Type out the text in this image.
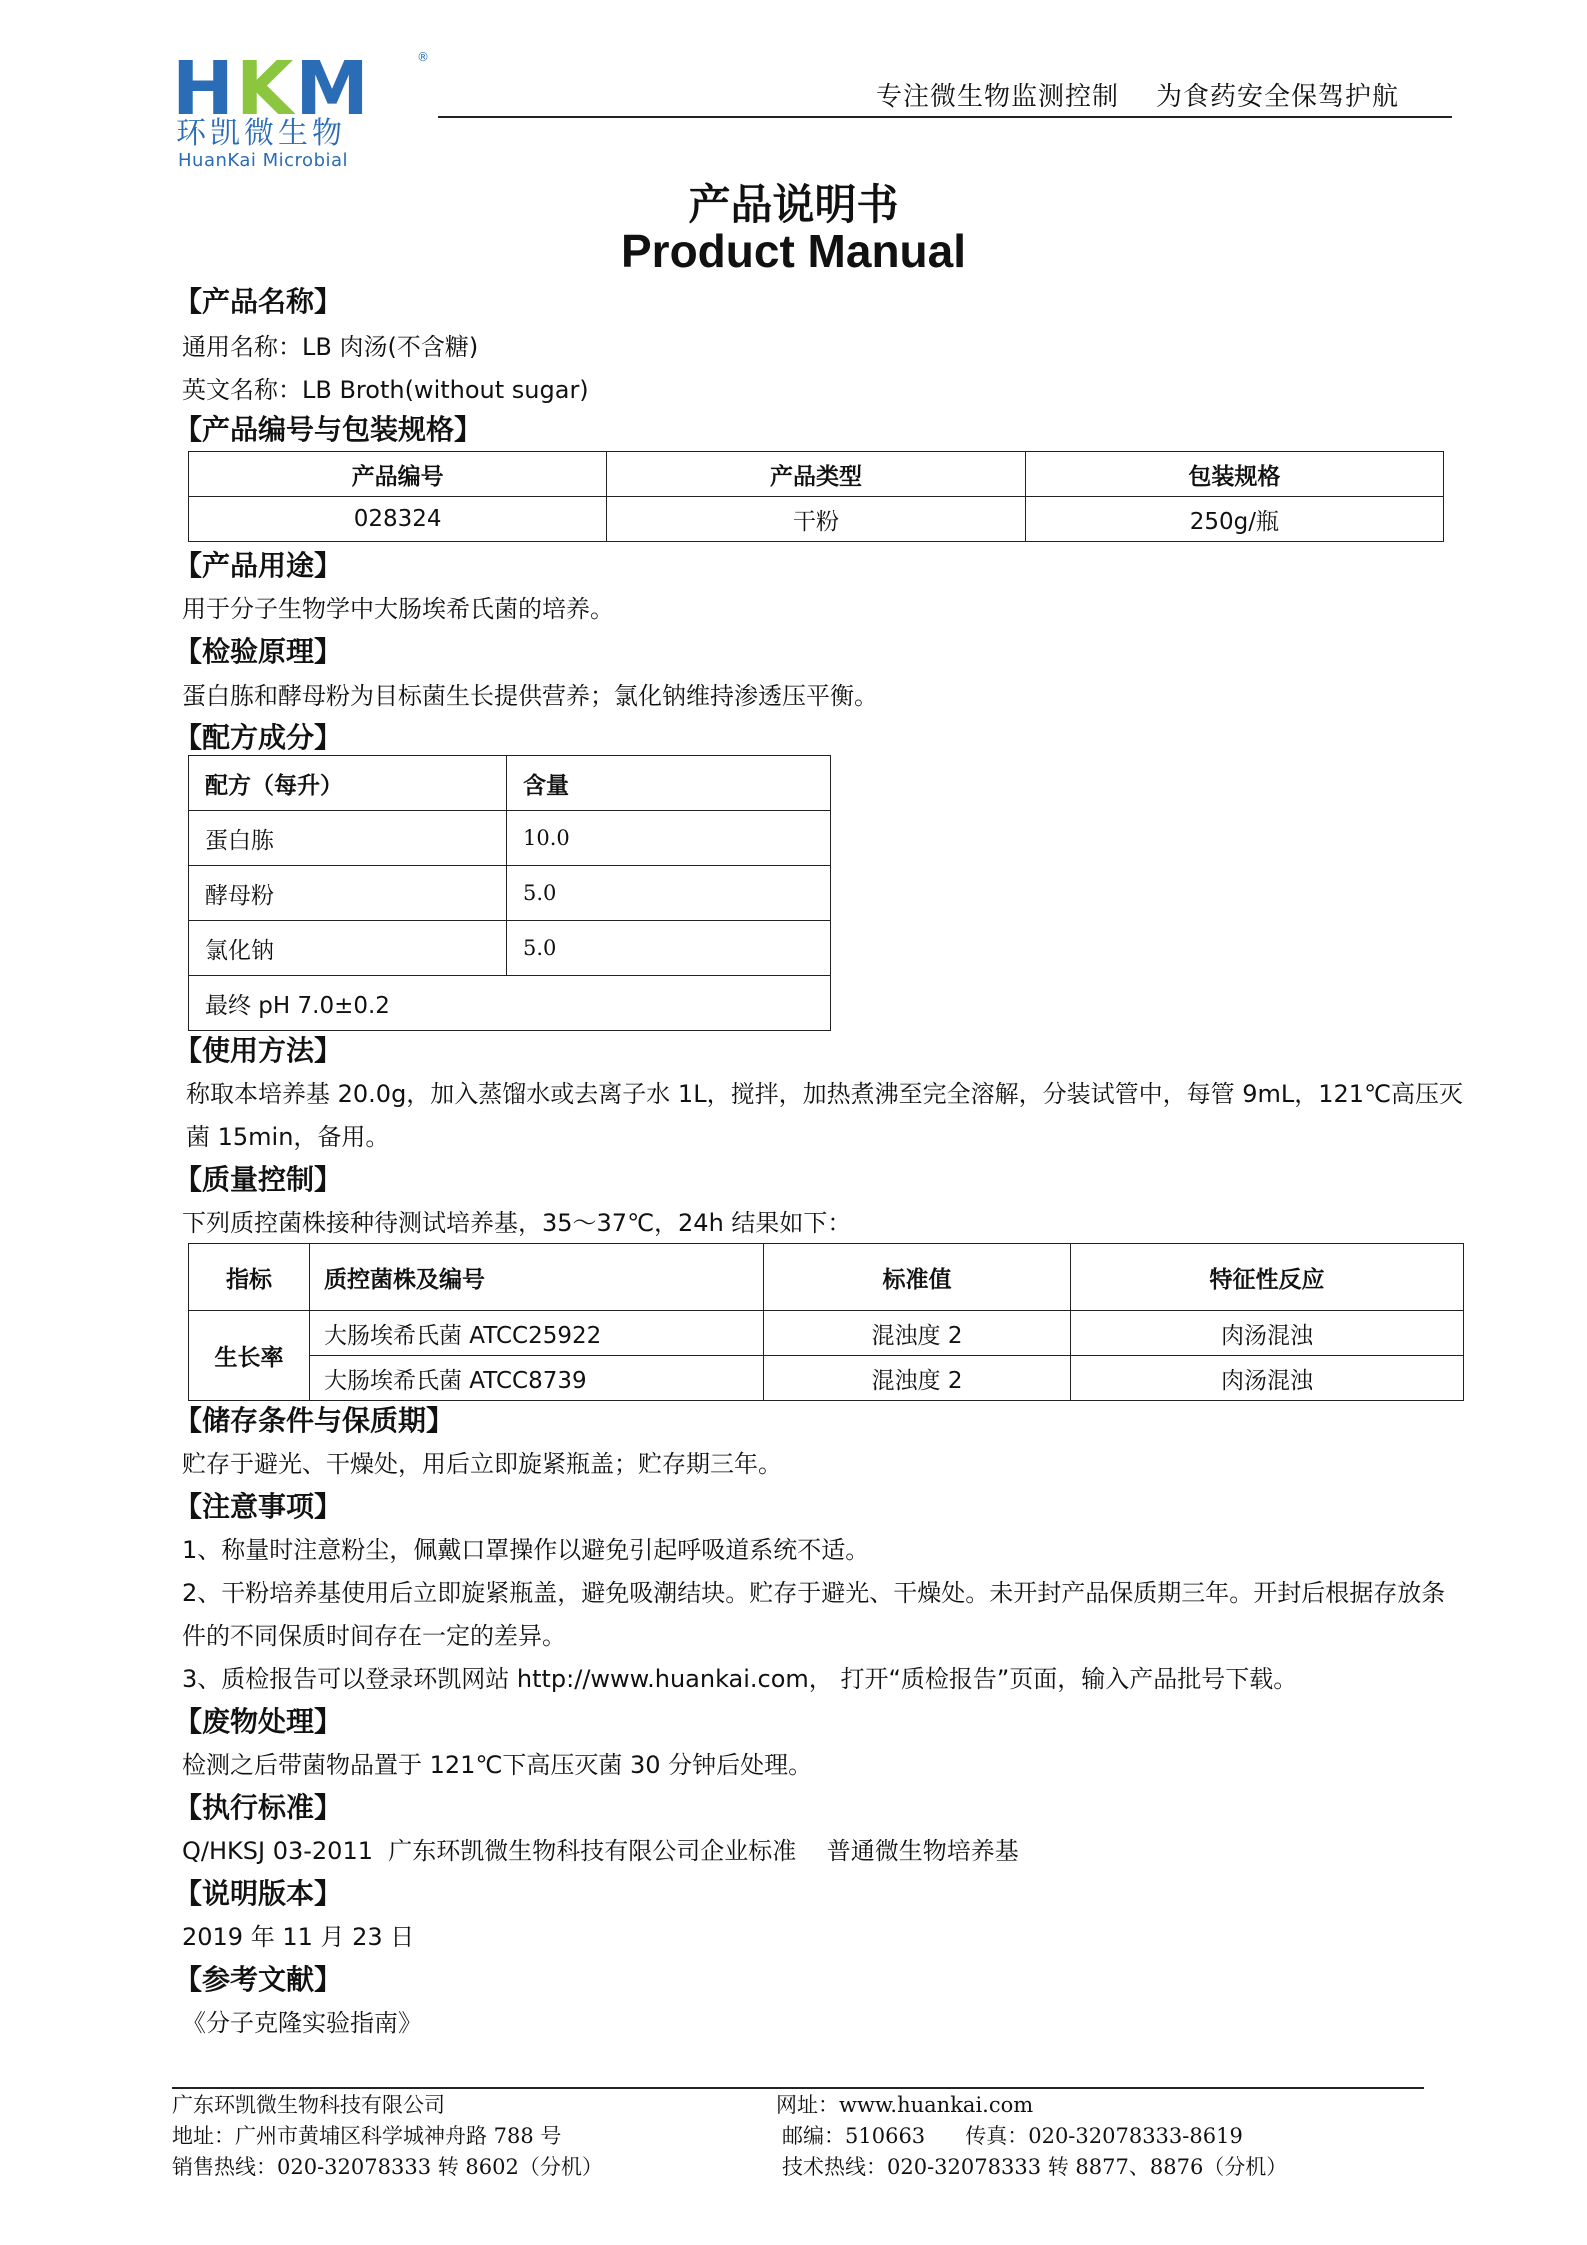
HKM	®
环凯微生物
HuanKai Microbial
专注微生物监测控制    为食药安全保驾护航
产品说明书
Product Manual
【产品名称】
通用名称：LB 肉汤(不含糖)
英文名称：LB Broth(without sugar)
【产品编号与包装规格】
产品编号	产品类型	包装规格
028324	干粉	250g/瓶
【产品用途】
用于分子生物学中大肠埃希氏菌的培养。
【检验原理】
蛋白胨和酵母粉为目标菌生长提供营养；氯化钠维持渗透压平衡。
【配方成分】
配方（每升）	含量
蛋白胨	10.0
酵母粉	5.0
氯化钠	5.0
最终 pH 7.0±0.2	
【使用方法】
称取本培养基 20.0g，加入蒸馏水或去离子水 1L，搅拌，加热煮沸至完全溶解，分装试管中，每管 9mL，121℃高压灭
菌 15min，备用。
【质量控制】
下列质控菌株接种待测试培养基，35～37℃，24h 结果如下：
指标	质控菌株及编号	标准值	特征性反应
生长率	大肠埃希氏菌 ATCC25922	混浊度 2	肉汤混浊
	大肠埃希氏菌 ATCC8739	混浊度 2	肉汤混浊
【储存条件与保质期】
贮存于避光、干燥处，用后立即旋紧瓶盖；贮存期三年。
【注意事项】
1、称量时注意粉尘，佩戴口罩操作以避免引起呼吸道系统不适。
2、干粉培养基使用后立即旋紧瓶盖，避免吸潮结块。贮存于避光、干燥处。未开封产品保质期三年。开封后根据存放条
件的不同保质时间存在一定的差异。
3、质检报告可以登录环凯网站 http://www.huankai.com， 打开“质检报告”页面，输入产品批号下载。
【废物处理】
检测之后带菌物品置于 121℃下高压灭菌 30 分钟后处理。
【执行标准】
Q/HKSJ 03-2011  广东环凯微生物科技有限公司企业标准    普通微生物培养基
【说明版本】
2019 年 11 月 23 日
【参考文献】
《分子克隆实验指南》
广东环凯微生物科技有限公司
地址：广州市黄埔区科学城神舟路 788 号
销售热线：020-32078333 转 8602（分机）
网址：www.huankai.com
邮编：510663      传真：020-32078333-8619
技术热线：020-32078333 转 8877、8876（分机）
